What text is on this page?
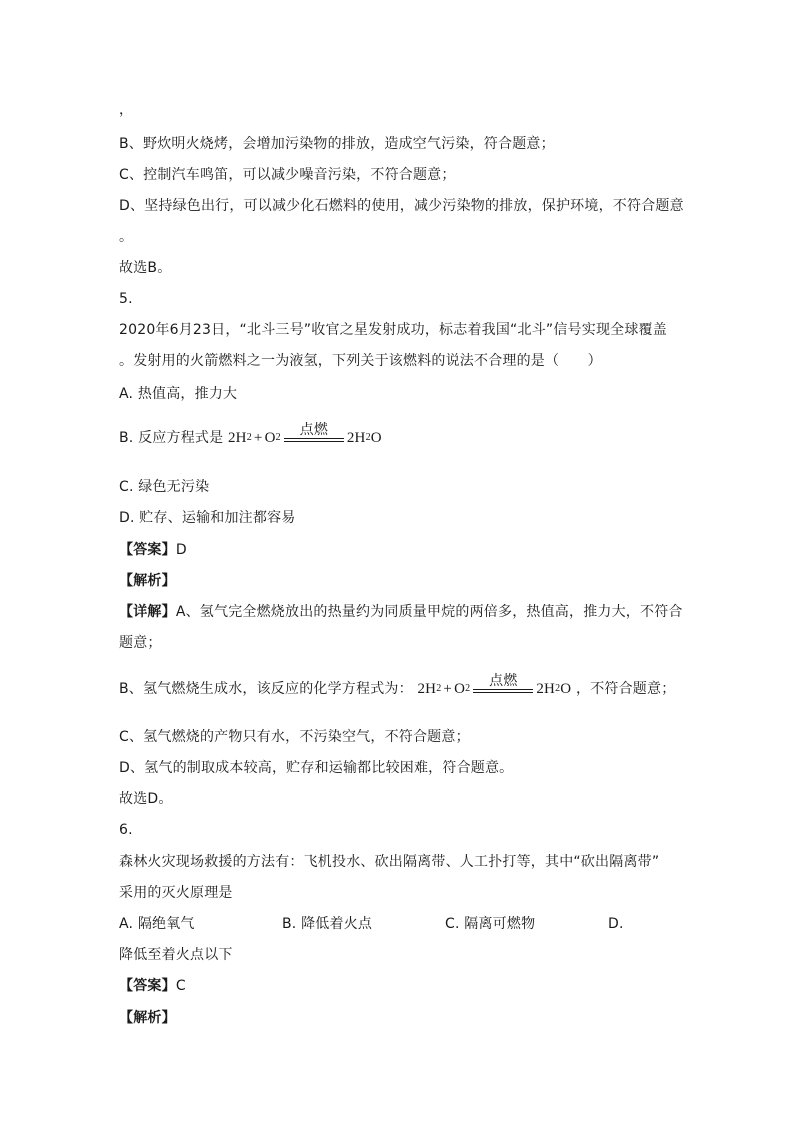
，
B、野炊明火烧烤，会增加污染物的排放，造成空气污染，符合题意；
C、控制汽车鸣笛，可以减少噪音污染，不符合题意；
D、坚持绿色出行，可以减少化石燃料的使用，减少污染物的排放，保护环境，不符合题意
。
故选B。
5.
2020年6月23日，“北斗三号”收官之星发射成功，标志着我国“北斗”信号实现全球覆盖
。发射用的火箭燃料之一为液氢，下列关于该燃料的说法不合理的是（　　）
A. 热值高，推力大
B. 反应方程式是 2 H 2 + O 2 点燃 2 H 2 O
C. 绿色无污染
D. 贮存、运输和加注都容易
【答案】D
【解析】
【详解】A、氢气完全燃烧放出的热量约为同质量甲烷的两倍多，热值高，推力大，不符合
题意；
B、氢气燃烧生成水，该反应的化学方程式为： 2 H 2 + O 2 点燃 2 H 2 O ，不符合题意；
C、氢气燃烧的产物只有水，不污染空气，不符合题意；
D、氢气的制取成本较高，贮存和运输都比较困难，符合题意。
故选D。
6.
森林火灾现场救援的方法有：飞机投水、砍出隔离带、人工扑打等，其中“砍出隔离带”
采用的灭火原理是
A. 隔绝氧气	B. 降低着火点	C. 隔离可燃物	D.
降低至着火点以下
【答案】C
【解析】
